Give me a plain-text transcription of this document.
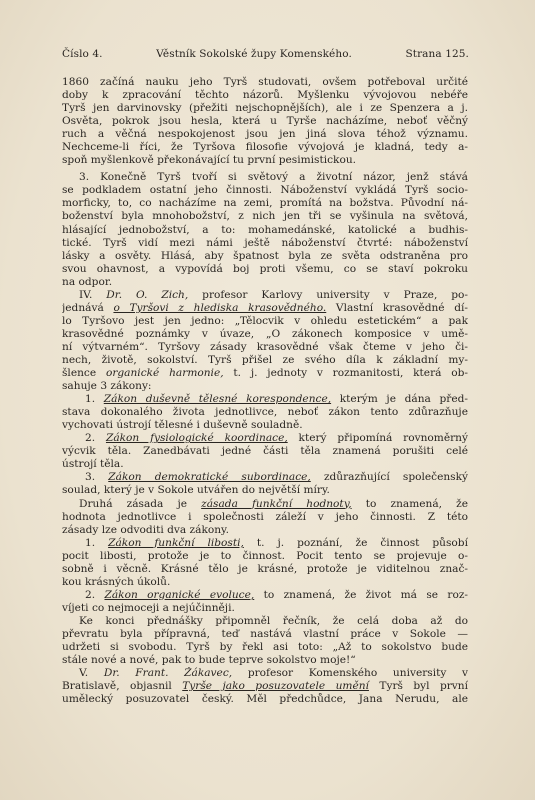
Číslo 4.	Věstník Sokolské župy Komenského.	Strana 125.
1860 začíná nauku jeho Tyrš studovati, ovšem potřeboval určité
doby k zpracování těchto názorů. Myšlenku vývojovou nebéře
Tyrš jen darvinovsky (přežiti nejschopnějších), ale i ze Spenzera a j.
Osvěta, pokrok jsou hesla, která u Tyrše nacházíme, neboť věčný
ruch a věčná nespokojenost jsou jen jiná slova téhož významu.
Nechceme-li říci, že Tyršova filosofie vývojová je kladná, tedy a-
spoň myšlenkově překonávající tu první pesimistickou.
3. Konečně Tyrš tvoří si světový a životní názor, jenž stává
se podkladem ostatní jeho činnosti. Náboženství vykládá Tyrš socio-
morficky, to, co nacházíme na zemi, promítá na božstva. Původní ná-
boženství byla mnohobožství, z nich jen tři se vyšinula na světová,
hlásající jednobožství, a to: mohamedánské, katolické a budhis-
tické. Tyrš vidí mezi námi ještě náboženství čtvrté: náboženství
lásky a osvěty. Hlásá, aby špatnost byla ze světa odstraněna pro
svou ohavnost, a vypovídá boj proti všemu, co se staví pokroku
na odpor.
IV. Dr. O. Zich, profesor Karlovy university v Praze, po-
jednává o Tyršovi z hlediska krasovědného. Vlastní krasovědné dí-
lo Tyršovo jest jen jedno: „Tělocvik v ohledu estetickém“ a pak
krasovědné poznámky v úvaze, „O zákonech komposice v umě-
ní výtvarném“. Tyršovy zásady krasovědné však čteme v jeho či-
nech, životě, sokolství. Tyrš přišel ze svého díla k základní my-
šlence organické harmonie, t. j. jednoty v rozmanitosti, která ob-
sahuje 3 zákony:
1. Zákon duševně tělesné korespondence, kterým je dána před-
stava dokonalého života jednotlivce, neboť zákon tento zdůrazňuje
vychovati ústrojí tělesné i duševně souladně.
2. Zákon fysiologické koordinace, který připomíná rovnoměrný
výcvik těla. Zanedbávati jedné části těla znamená porušiti celé
ústrojí těla.
3. Zákon demokratické subordinace, zdůrazňující společenský
soulad, který je v Sokole utvářen do největší míry.
Druhá zásada je zásada funkční hodnoty, to znamená, že
hodnota jednotlivce i společnosti záleží v jeho činnosti. Z této
zásady lze odvoditi dva zákony.
1. Zákon funkční libosti, t. j. poznání, že činnost působí
pocit libosti, protože je to činnost. Pocit tento se projevuje o-
sobně i věcně. Krásné tělo je krásné, protože je viditelnou znač-
kou krásných úkolů.
2. Zákon organické evoluce, to znamená, že život má se roz-
víjeti co nejmoceji a nejúčinněji.
Ke konci přednášky připomněl řečník, že celá doba až do
převratu byla přípravná, teď nastává vlastní práce v Sokole —
udržeti si svobodu. Tyrš by řekl asi toto: „Až to sokolstvo bude
stále nové a nové, pak to bude teprve sokolstvo moje!“
V. Dr. Frant. Žákavec, profesor Komenského university v
Bratislavě, objasnil Tyrše jako posuzovatele umění Tyrš byl první
umělecký posuzovatel český. Měl předchůdce, Jana Nerudu, ale
